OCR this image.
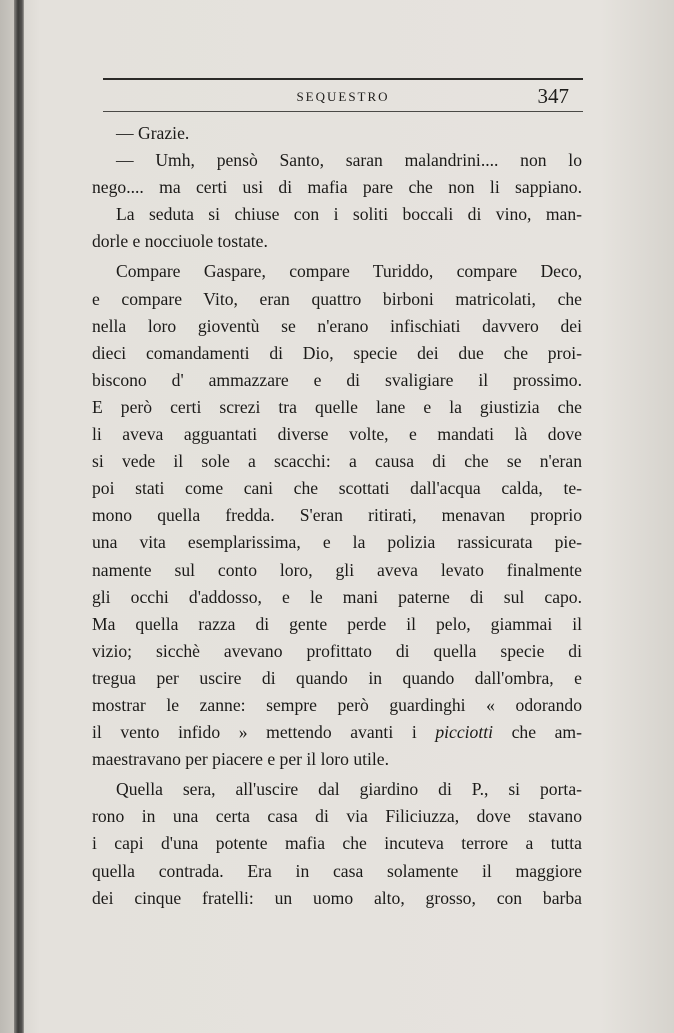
SEQUESTRO	347
— Grazie.
— Umh, pensò Santo, saran malandrini.... non lo
nego.... ma certi usi di mafia pare che non li sappiano.
La seduta si chiuse con i soliti boccali di vino, man-
dorle e nocciuole tostate.
Compare Gaspare, compare Turiddo, compare Deco,
e compare Vito, eran quattro birboni matricolati, che
nella loro gioventù se n'erano infischiati davvero dei
dieci comandamenti di Dio, specie dei due che proi-
biscono d' ammazzare e di svaligiare il prossimo.
E però certi screzi tra quelle lane e la giustizia che
li aveva agguantati diverse volte, e mandati là dove
si vede il sole a scacchi: a causa di che se n'eran
poi stati come cani che scottati dall'acqua calda, te-
mono quella fredda. S'eran ritirati, menavan proprio
una vita esemplarissima, e la polizia rassicurata pie-
namente sul conto loro, gli aveva levato finalmente
gli occhi d'addosso, e le mani paterne di sul capo.
Ma quella razza di gente perde il pelo, giammai il
vizio; sicchè avevano profittato di quella specie di
tregua per uscire di quando in quando dall'ombra, e
mostrar le zanne: sempre però guardinghi « odorando
il vento infido » mettendo avanti i picciotti che am-
maestravano per piacere e per il loro utile.
Quella sera, all'uscire dal giardino di P., si porta-
rono in una certa casa di via Filiciuzza, dove stavano
i capi d'una potente mafia che incuteva terrore a tutta
quella contrada. Era in casa solamente il maggiore
dei cinque fratelli: un uomo alto, grosso, con barba
